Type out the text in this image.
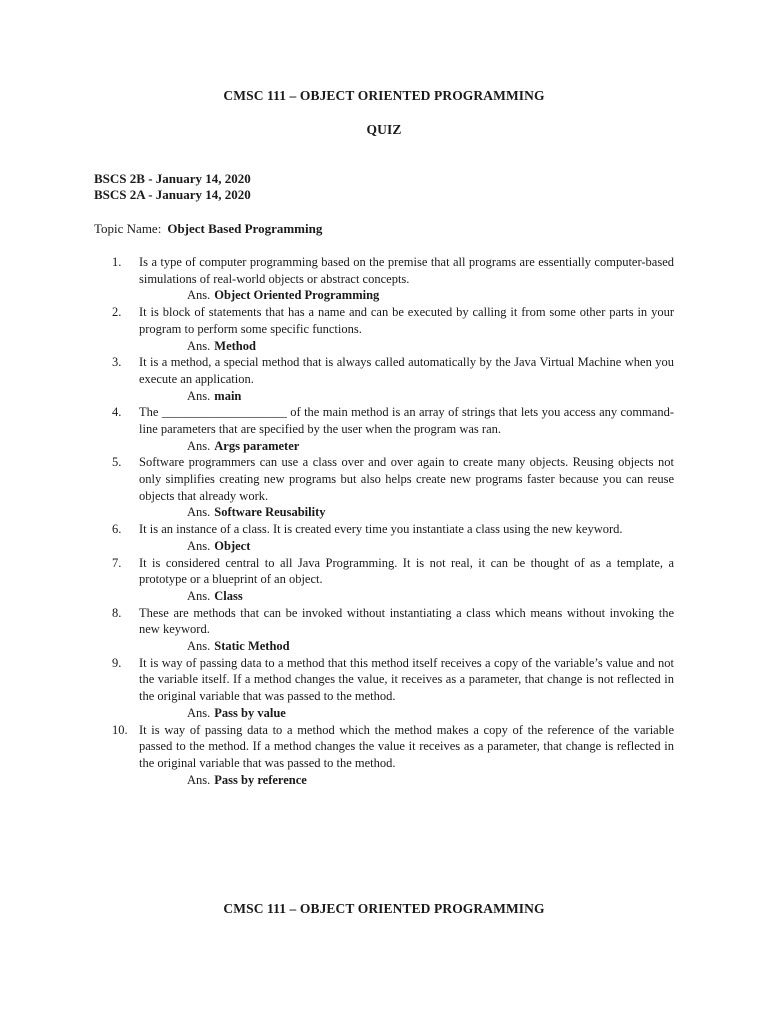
CMSC 111 – OBJECT ORIENTED PROGRAMMING
QUIZ
BSCS 2B - January 14, 2020
BSCS 2A - January 14, 2020
Topic Name: Object Based Programming
1.	Is a type of computer programming based on the premise that all programs are essentially computer-based simulations of real-world objects or abstract concepts.
Ans. Object Oriented Programming
2.	It is block of statements that has a name and can be executed by calling it from some other parts in your program to perform some specific functions.
Ans. Method
3.	It is a method, a special method that is always called automatically by the Java Virtual Machine when you execute an application.
Ans. main
4.	The ____________________ of the main method is an array of strings that lets you access any command-line parameters that are specified by the user when the program was ran.
Ans. Args parameter
5.	Software programmers can use a class over and over again to create many objects. Reusing objects not only simplifies creating new programs but also helps create new programs faster because you can reuse objects that already work.
Ans. Software Reusability
6.	It is an instance of a class. It is created every time you instantiate a class using the new keyword.
Ans. Object
7.	It is considered central to all Java Programming. It is not real, it can be thought of as a template, a prototype or a blueprint of an object.
Ans. Class
8.	These are methods that can be invoked without instantiating a class which means without invoking the new keyword.
Ans. Static Method
9.	It is way of passing data to a method that this method itself receives a copy of the variable’s value and not the variable itself. If a method changes the value, it receives as a parameter, that change is not reflected in the original variable that was passed to the method.
Ans. Pass by value
10. It is way of passing data to a method which the method makes a copy of the reference of the variable passed to the method. If a method changes the value it receives as a parameter, that change is reflected in the original variable that was passed to the method.
Ans. Pass by reference
CMSC 111 – OBJECT ORIENTED PROGRAMMING
